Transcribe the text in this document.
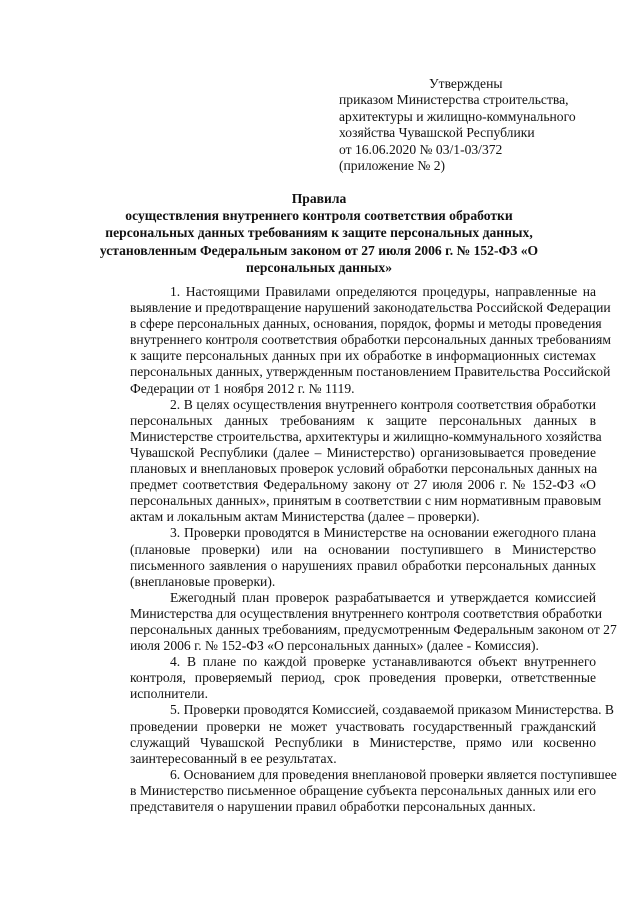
Утверждены
приказом Министерства строительства,
архитектуры и жилищно-коммунального
хозяйства Чувашской Республики
от 16.06.2020 № 03/1-03/372
(приложение № 2)
Правила
осуществления внутреннего контроля соответствия обработки
персональных данных требованиям к защите персональных данных,
установленным Федеральным законом от 27 июля 2006 г. № 152-ФЗ «О
персональных данных»
1. Настоящими Правилами определяются процедуры, направленные на
выявление и предотвращение нарушений законодательства Российской Федерации
в сфере персональных данных, основания, порядок, формы и методы проведения
внутреннего контроля соответствия обработки персональных данных требованиям
к защите персональных данных при их обработке в информационных системах
персональных данных, утвержденным постановлением Правительства Российской
Федерации от 1 ноября 2012 г. № 1119.
2. В целях осуществления внутреннего контроля соответствия обработки
персональных данных требованиям к защите персональных данных в
Министерстве строительства, архитектуры и жилищно-коммунального хозяйства
Чувашской Республики (далее – Министерство) организовывается проведение
плановых и внеплановых проверок условий обработки персональных данных на
предмет соответствия Федеральному закону от 27 июля 2006 г. № 152-ФЗ «О
персональных данных», принятым в соответствии с ним нормативным правовым
актам и локальным актам Министерства (далее – проверки).
3. Проверки проводятся в Министерстве на основании ежегодного плана
(плановые проверки) или на основании поступившего в Министерство
письменного заявления о нарушениях правил обработки персональных данных
(внеплановые проверки).
Ежегодный план проверок разрабатывается и утверждается комиссией
Министерства для осуществления внутреннего контроля соответствия обработки
персональных данных требованиям, предусмотренным Федеральным законом от 27
июля 2006 г. № 152-ФЗ «О персональных данных» (далее - Комиссия).
4. В плане по каждой проверке устанавливаются объект внутреннего
контроля, проверяемый период, срок проведения проверки, ответственные
исполнители.
5. Проверки проводятся Комиссией, создаваемой приказом Министерства. В
проведении проверки не может участвовать государственный гражданский
служащий Чувашской Республики в Министерстве, прямо или косвенно
заинтересованный в ее результатах.
6. Основанием для проведения внеплановой проверки является поступившее
в Министерство письменное обращение субъекта персональных данных или его
представителя о нарушении правил обработки персональных данных.
